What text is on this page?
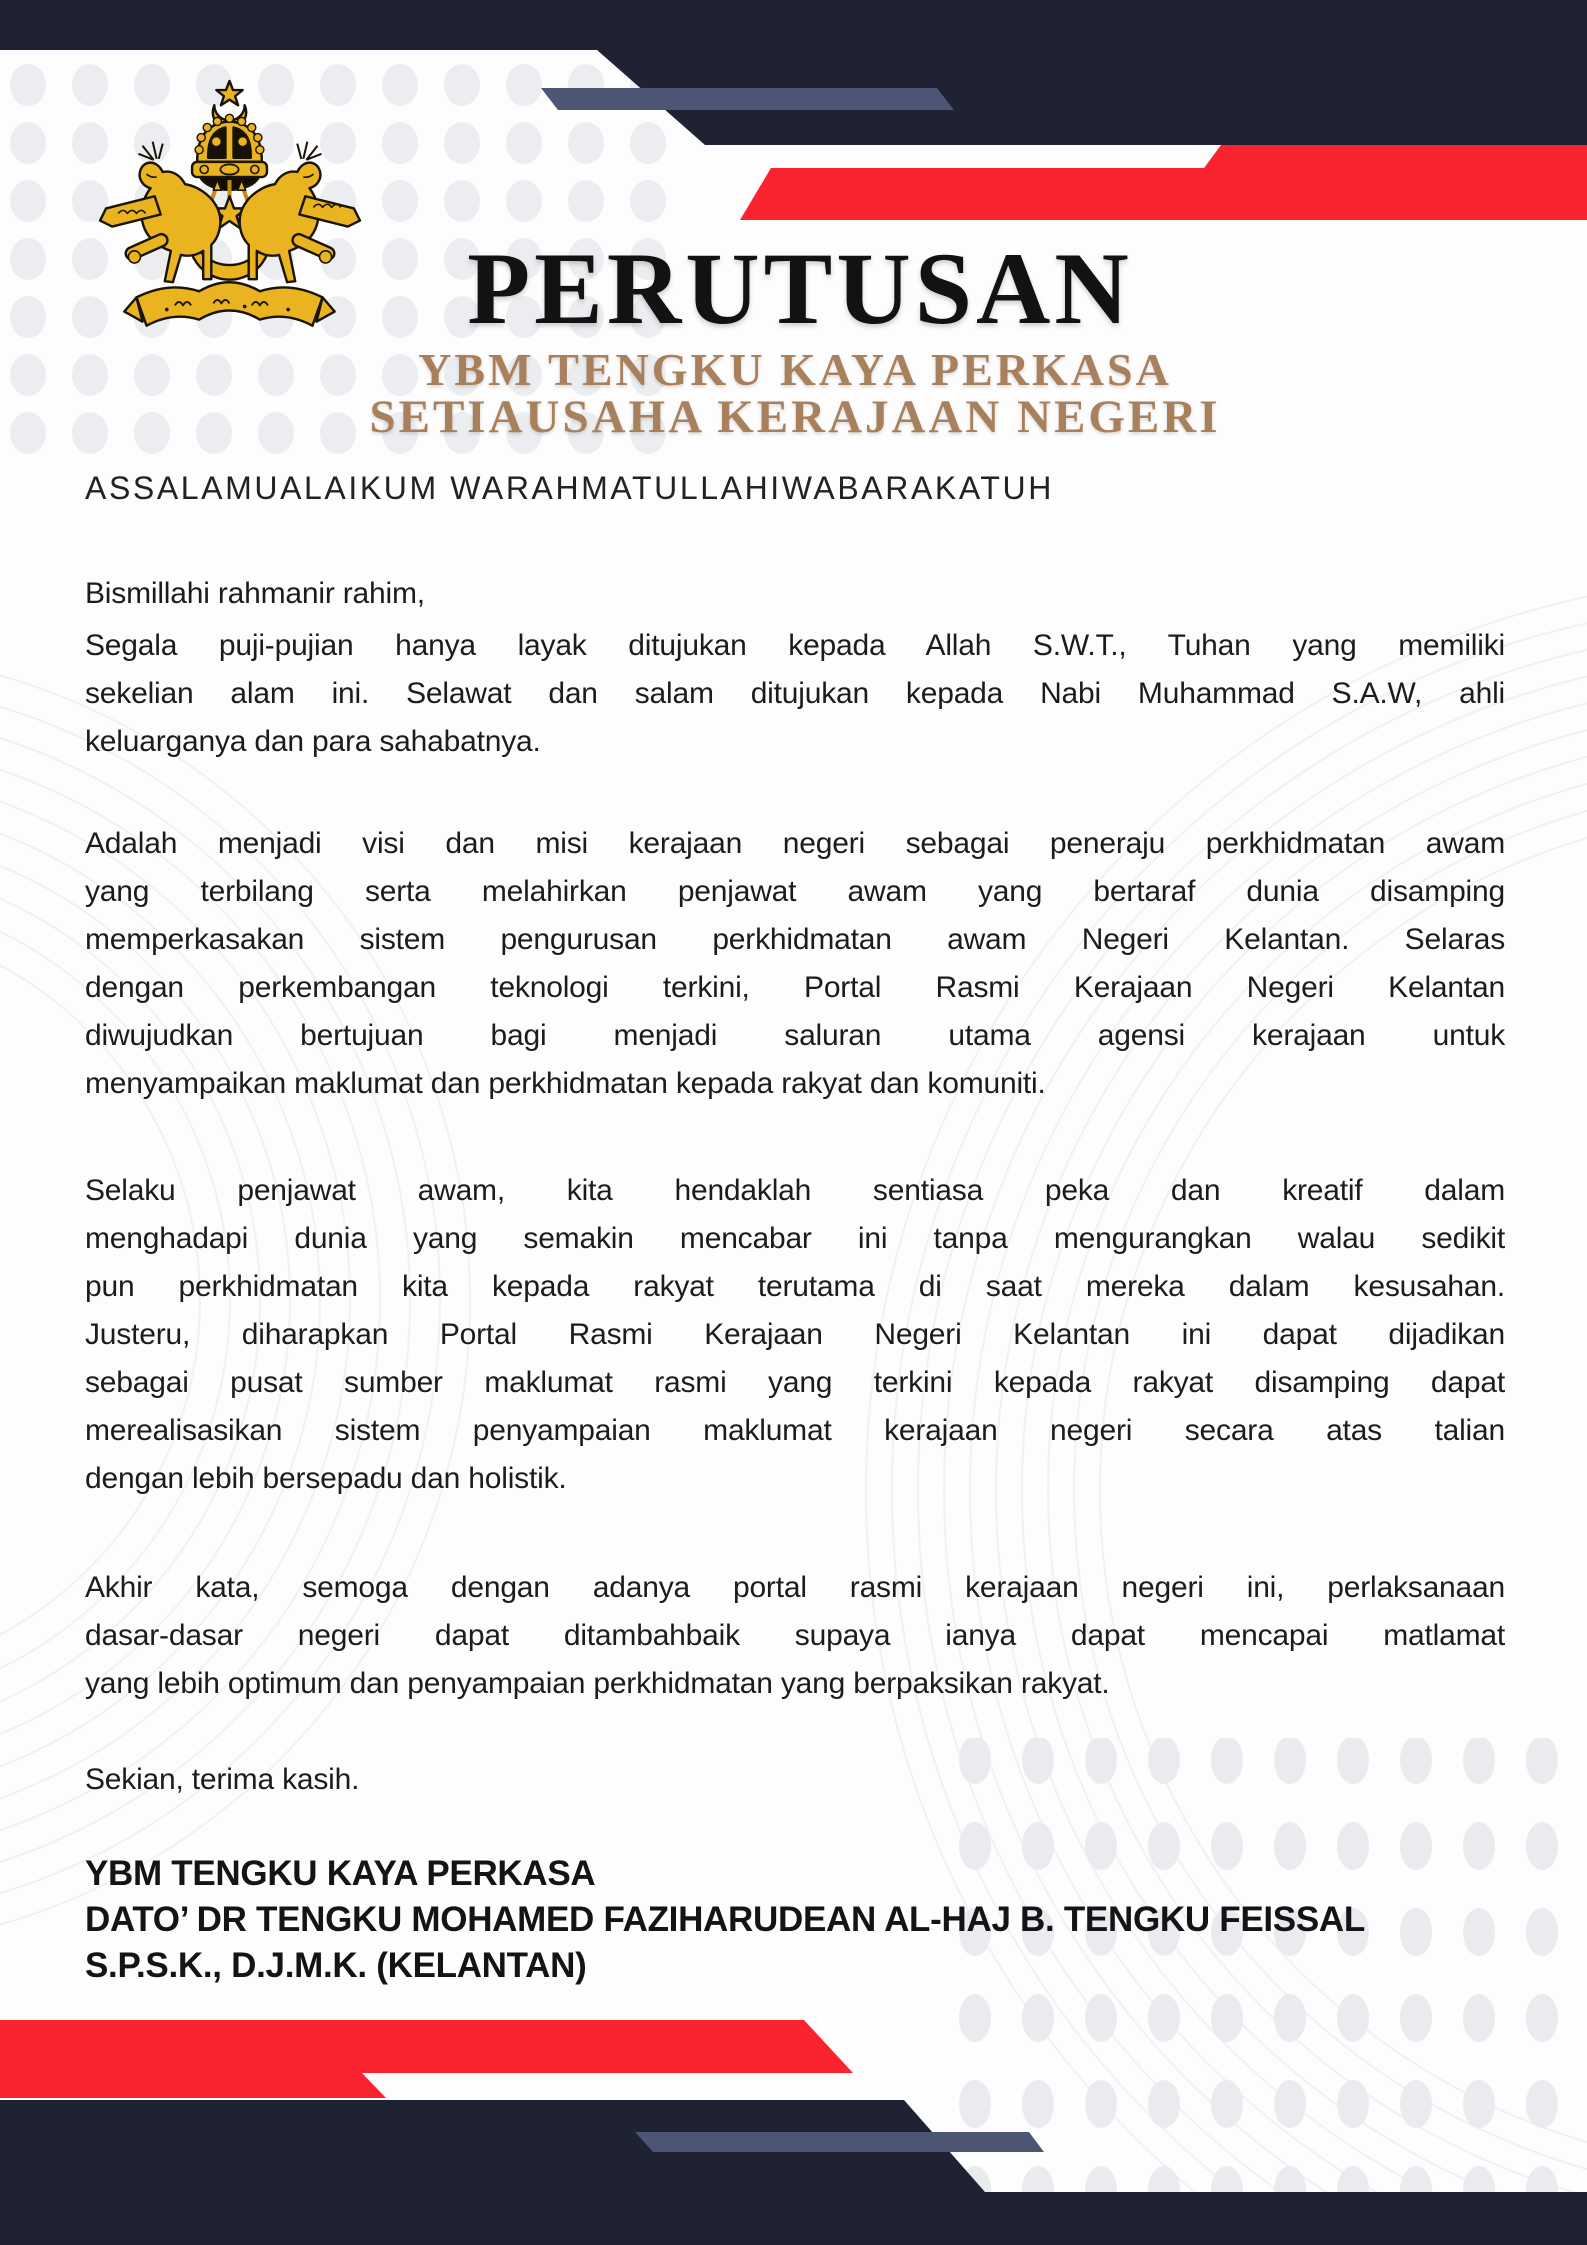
PERUTUSAN
YBM TENGKU KAYA PERKASA
SETIAUSAHA KERAJAAN NEGERI
ASSALAMUALAIKUM WARAHMATULLAHIWABARAKATUH
Bismillahi rahmanir rahim,
Segala puji-pujian hanya layak ditujukan kepada Allah S.W.T., Tuhan yang memiliki
sekelian alam ini. Selawat dan salam ditujukan kepada Nabi Muhammad S.A.W, ahli
keluarganya dan para sahabatnya.
Adalah menjadi visi dan misi kerajaan negeri sebagai peneraju perkhidmatan awam
yang terbilang serta melahirkan penjawat awam yang bertaraf dunia disamping
memperkasakan sistem pengurusan perkhidmatan awam Negeri Kelantan. Selaras
dengan perkembangan teknologi terkini, Portal Rasmi Kerajaan Negeri Kelantan
diwujudkan bertujuan bagi menjadi saluran utama agensi kerajaan untuk
menyampaikan maklumat dan perkhidmatan kepada rakyat dan komuniti.
Selaku penjawat awam, kita hendaklah sentiasa peka dan kreatif dalam
menghadapi dunia yang semakin mencabar ini tanpa mengurangkan walau sedikit
pun perkhidmatan kita kepada rakyat terutama di saat mereka dalam kesusahan.
Justeru, diharapkan Portal Rasmi Kerajaan Negeri Kelantan ini dapat dijadikan
sebagai pusat sumber maklumat rasmi yang terkini kepada rakyat disamping dapat
merealisasikan sistem penyampaian maklumat kerajaan negeri secara atas talian
dengan lebih bersepadu dan holistik.
Akhir kata, semoga dengan adanya portal rasmi kerajaan negeri ini, perlaksanaan
dasar-dasar negeri dapat ditambahbaik supaya ianya dapat mencapai matlamat
yang lebih optimum dan penyampaian perkhidmatan yang berpaksikan rakyat.
Sekian, terima kasih.
YBM TENGKU KAYA PERKASA
DATO’ DR TENGKU MOHAMED FAZIHARUDEAN AL-HAJ B. TENGKU FEISSAL
S.P.S.K., D.J.M.K. (KELANTAN)
